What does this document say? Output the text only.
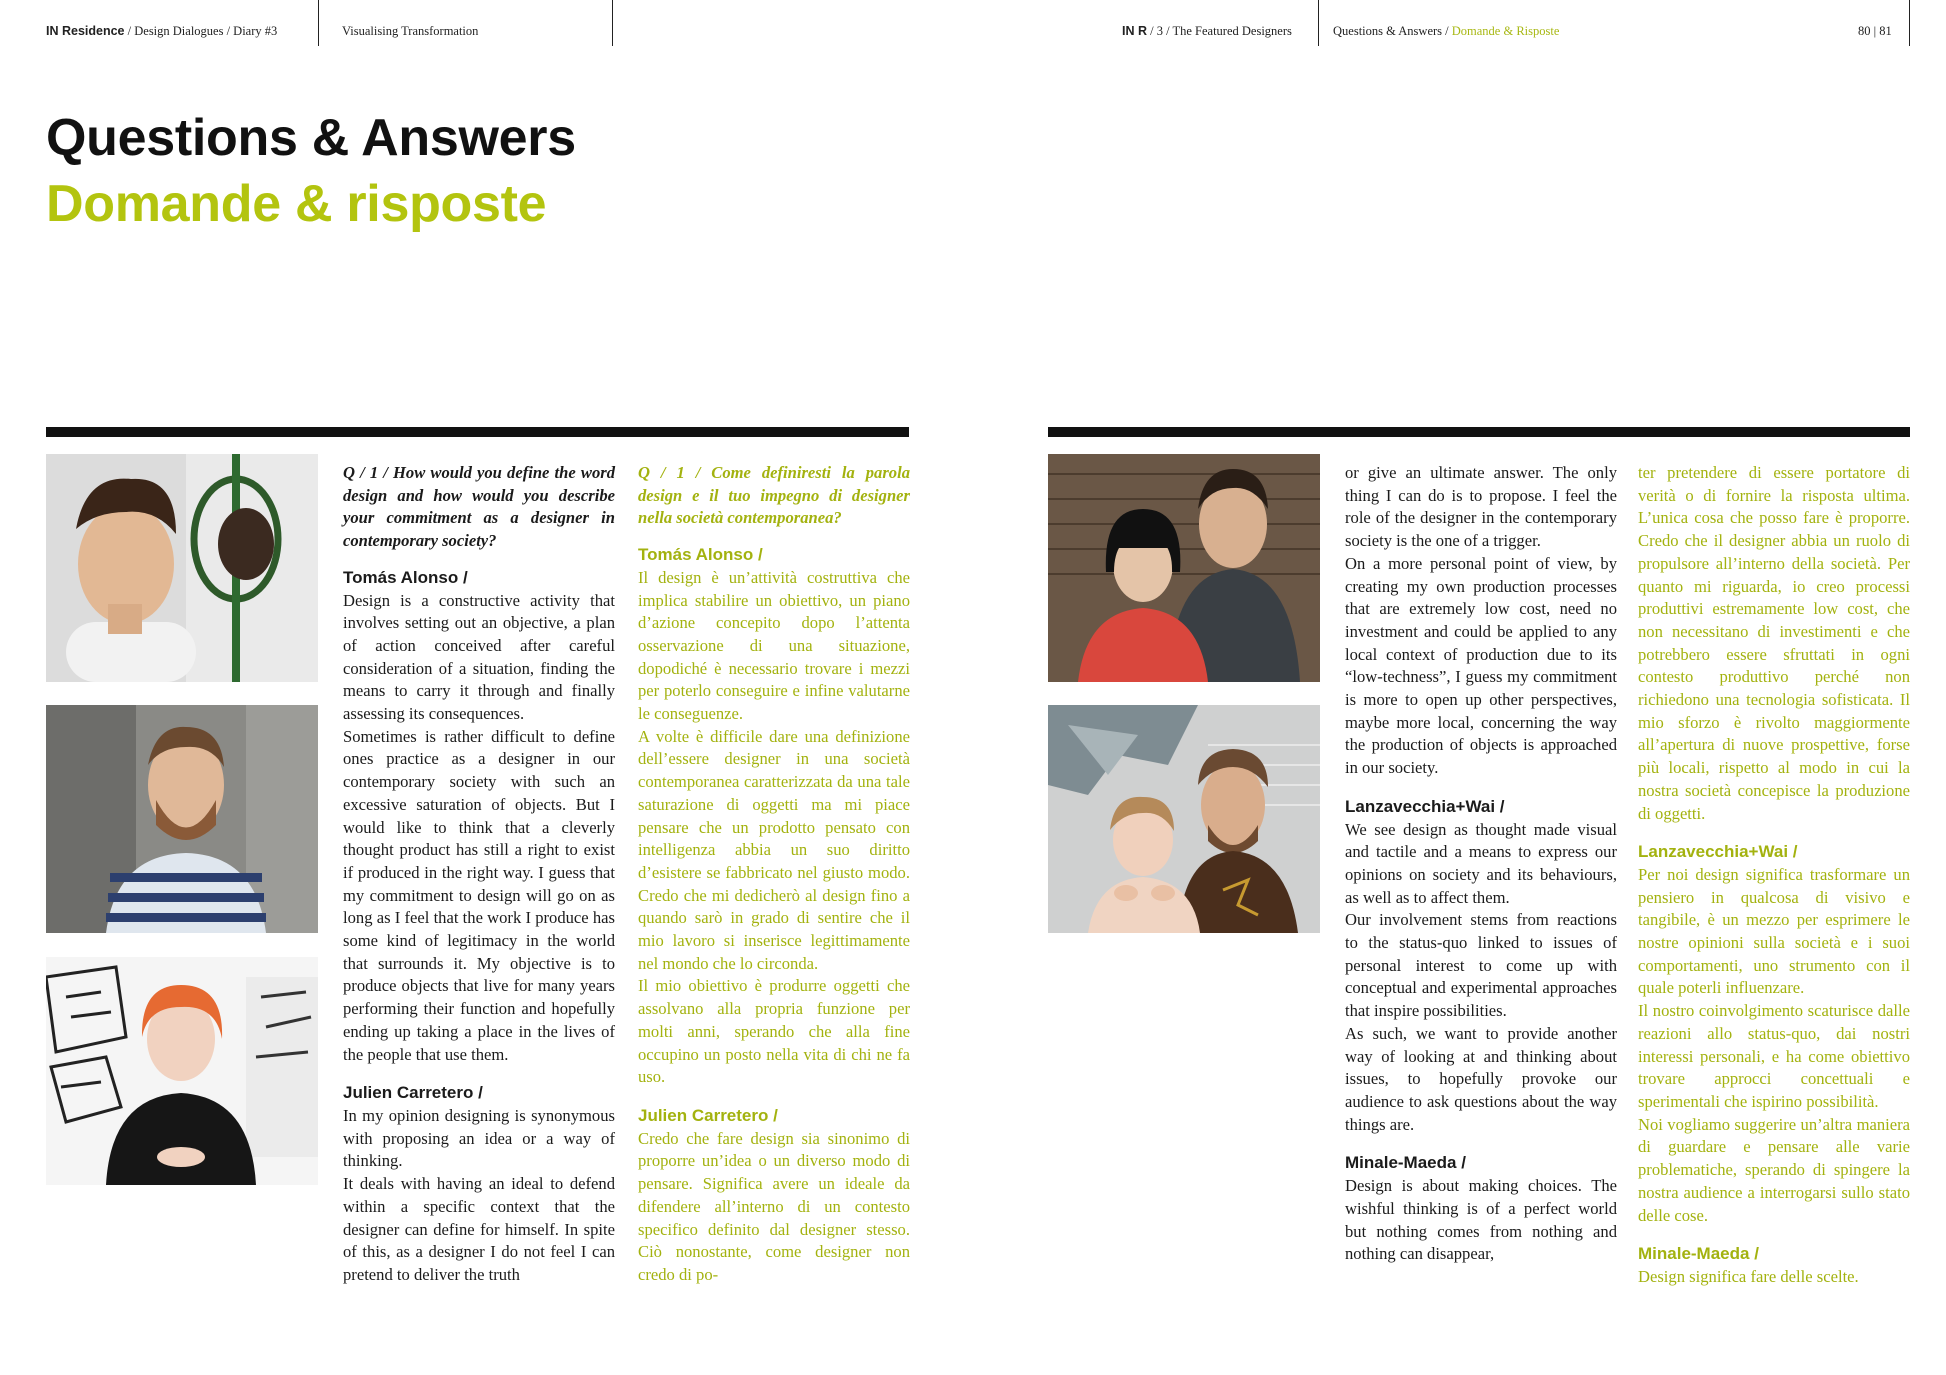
IN Residence / Design Dialogues / Diary #3	Visualising Transformation	IN R / 3 / The Featured Designers	Questions & Answers / Domande & Risposte	80 | 81
Questions & Answers
Domande & risposte

Q / 1 / How would you define the word design and how would you describe your commitment as a designer in contemporary society?

Tomás Alonso /

Design is a constructive activity that involves setting out an objective, a plan of action conceived after careful consideration of a situation, finding the means to carry it through and finally assessing its consequences.

Sometimes is rather difficult to define ones practice as a designer in our contemporary society with such an excessive saturation of objects. But I would like to think that a cleverly thought product has still a right to exist if produced in the right way. I guess that my commitment to design will go on as long as I feel that the work I produce has some kind of legitimacy in the world that surrounds it. My objective is to produce objects that live for many years performing their function and hopefully ending up taking a place in the lives of the people that use them.

Julien Carretero /

In my opinion designing is synonymous with proposing an idea or a way of thinking.

It deals with having an ideal to defend within a specific context that the designer can define for himself. In spite of this, as a designer I do not feel I can pretend to deliver the truth

Q / 1 / Come definiresti la parola design e il tuo impegno di designer nella società contemporanea?

Tomás Alonso /

Il design è un’attività costruttiva che implica stabilire un obiettivo, un piano d’azione concepito dopo l’attenta osservazione di una situazione, dopodiché è necessario trovare i mezzi per poterlo conseguire e infine valutarne le conseguenze.

A volte è difficile dare una definizione dell’essere designer in una società contemporanea caratterizzata da una tale saturazione di oggetti ma mi piace pensare che un prodotto pensato con intelligenza abbia un suo diritto d’esistere se fabbricato nel giusto modo. Credo che mi dedicherò al design fino a quando sarò in grado di sentire che il mio lavoro si inserisce legittimamente nel mondo che lo circonda.

Il mio obiettivo è produrre oggetti che assolvano alla propria funzione per molti anni, sperando che alla fine occupino un posto nella vita di chi ne fa uso.

Julien Carretero /

Credo che fare design sia sinonimo di proporre un’idea o un diverso modo di pensare. Significa avere un ideale da difendere all’interno di un contesto specifico definito dal designer stesso. Ciò nonostante, come designer non credo di po-

or give an ultimate answer. The only thing I can do is to propose. I feel the role of the designer in the contemporary society is the one of a trigger.

On a more personal point of view, by creating my own production processes that are extremely low cost, need no investment and could be applied to any local context of production due to its “low-techness”, I guess my commitment is more to open up other perspectives, maybe more local, concerning the way the production of objects is approached in our society.

Lanzavecchia+Wai /

We see design as thought made visual and tactile and a means to express our opinions on society and its behaviours, as well as to affect them.

Our involvement stems from reactions to the status-quo linked to issues of personal interest to come up with conceptual and experimental approaches that inspire possibilities.

As such, we want to provide another way of looking at and thinking about issues, to hopefully provoke our audience to ask questions about the way things are.

Minale-Maeda /

Design is about making choices. The wishful thinking is of a perfect world but nothing comes from nothing and nothing can disappear,

ter pretendere di essere portatore di verità o di fornire la risposta ultima. L’unica cosa che posso fare è proporre. Credo che il designer abbia un ruolo di propulsore all’interno della società. Per quanto mi riguarda, io creo processi produttivi estremamente low cost, che non necessitano di investimenti e che potrebbero essere sfruttati in ogni contesto produttivo perché non richiedono una tecnologia sofisticata. Il mio sforzo è rivolto maggiormente all’apertura di nuove prospettive, forse più locali, rispetto al modo in cui la nostra società concepisce la produzione di oggetti.

Lanzavecchia+Wai /

Per noi design significa trasformare un pensiero in qualcosa di visivo e tangibile, è un mezzo per esprimere le nostre opinioni sulla società e i suoi comportamenti, uno strumento con il quale poterli influenzare.

Il nostro coinvolgimento scaturisce dalle reazioni allo status-quo, dai nostri interessi personali, e ha come obiettivo trovare approcci concettuali e sperimentali che ispirino possibilità.

Noi vogliamo suggerire un’altra maniera di guardare e pensare alle varie problematiche, sperando di spingere la nostra audience a interrogarsi sullo stato delle cose.

Minale-Maeda /

Design significa fare delle scelte.
